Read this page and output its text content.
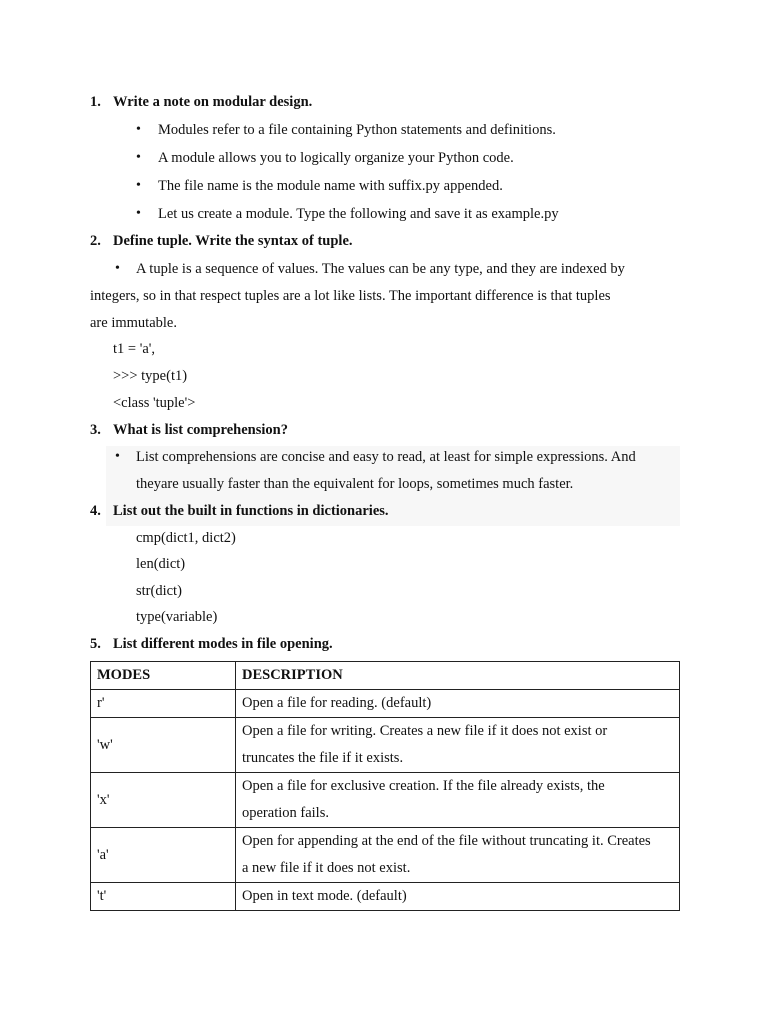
1. Write a note on modular design.
• Modules refer to a file containing Python statements and definitions.
• A module allows you to logically organize your Python code.
• The file name is the module name with suffix.py appended.
• Let us create a module. Type the following and save it as example.py
2. Define tuple. Write the syntax of tuple.
• A tuple is a sequence of values. The values can be any type, and they are indexed by
integers, so in that respect tuples are a lot like lists. The important difference is that tuples
are immutable.
t1 = 'a',
>>> type(t1)
<class 'tuple'>
3. What is list comprehension?
• List comprehensions are concise and easy to read, at least for simple expressions. And
theyare usually faster than the equivalent for loops, sometimes much faster.
4. List out the built in functions in dictionaries.
cmp(dict1, dict2)
len(dict)
str(dict)
type(variable)
5. List different modes in file opening.
MODES	DESCRIPTION
r'	Open a file for reading. (default)
'w'	Open a file for writing. Creates a new file if it does not exist or
truncates the file if it exists.
'x'	Open a file for exclusive creation. If the file already exists, the
operation fails.
'a'	Open for appending at the end of the file without truncating it. Creates
a new file if it does not exist.
't'	Open in text mode. (default)
